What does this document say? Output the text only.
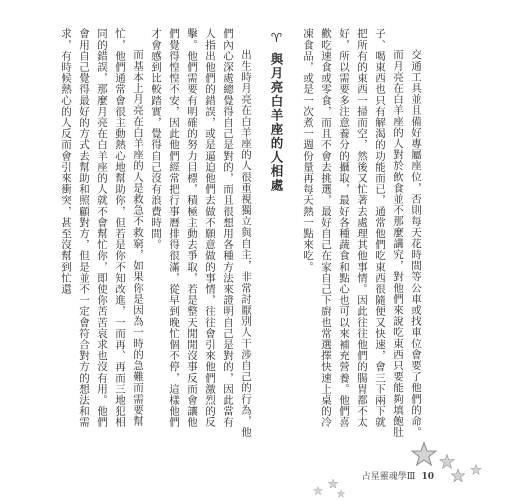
交通工具並且備好專屬座位，否則每天花時間等公車或找車位會要了他們的命。

而月亮在白羊座的人對於飲食並不那麼講究，對他們來說吃東西只要能夠填飽肚子、喝東西也只有解渴的功能而已，通常他們吃東西很隨便又快速，會三下兩下就把所有的東西一掃而空，然後又忙著去處理其他事情。因此往往他們的腸胃都不太好，所以需要多注意養分的攝取，最好各種蔬食和點心也可以來補充營養。他們喜歡吃速食或零食，而且不會去挑選，最好自己在家自己下廚也常選擇快速上桌的冷凍食品，或是一次煮一週份量再每天熱一點來吃。

♈與月亮白羊座的人相處

出生時月亮在白羊座的人很重視獨立與自主，非常討厭別人干涉自己的行為，他們內心深處總覺得自己是對的，而且很想用各種方法來證明自己是對的，因此當有人指出他們的錯誤，或是逼迫他們去做不願意做的事情，往往會引來他們激烈的反擊。他們需要有明確的努力目標，積極主動去爭取，若是整天閒閒沒事反而會讓他們覺得惶惶不安，因此他們經常把行事曆排得很滿，從早到晚忙個不停，這樣他們才會感到比較踏實，覺得自己沒有浪費時間。

而基本上月亮在白羊座的人是救急不救窮，如果你是因為一時的急難而需要幫忙，他們通常會很主動熱心地幫助你，但若是你不知改進，一而再、再而三地犯相同的錯誤，那麼月亮在白羊座的人就不會幫忙你，即使你苦苦哀求也沒有用。他們會用自己覺得最好的方式去幫助和照顧對方，但是並不一定會符合對方的想法和需求，有時候熱心的人反而會引來衝突，甚至沒幫到忙還

占星靈魂學Ⅲ 10
